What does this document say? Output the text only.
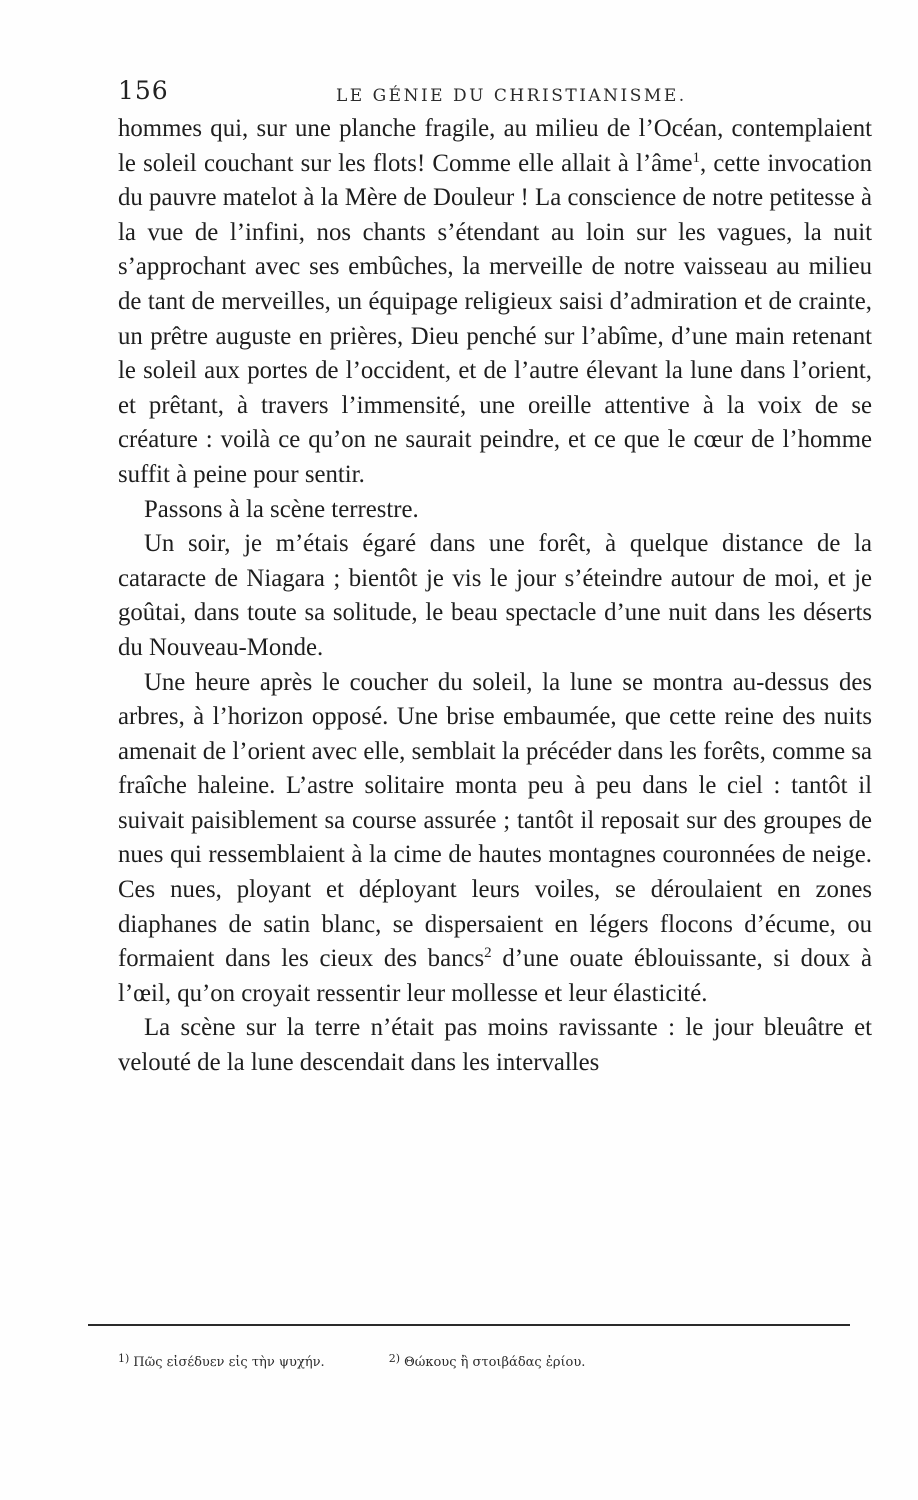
156	LE GÉNIE DU CHRISTIANISME.

hommes qui, sur une planche fragile, au milieu de l’Océan, contemplaient le soleil couchant sur les flots! Comme elle allait à l’âme$^1$, cette invocation du pauvre matelot à la Mère de Douleur ! La conscience de notre petitesse à la vue de l’infini, nos chants s’étendant au loin sur les vagues, la nuit s’approchant avec ses embûches, la merveille de notre vaisseau au milieu de tant de merveilles, un équipage religieux saisi d’admiration et de crainte, un prêtre auguste en prières, Dieu penché sur l’abîme, d’une main retenant le soleil aux portes de l’occident, et de l’autre élevant la lune dans l’orient, et prêtant, à travers l’immensité, une oreille attentive à la voix de se créature : voilà ce qu’on ne saurait peindre, et ce que le cœur de l’homme suffit à peine pour sentir.

Passons à la scène terrestre.

Un soir, je m’étais égaré dans une forêt, à quelque distance de la cataracte de Niagara ; bientôt je vis le jour s’éteindre autour de moi, et je goûtai, dans toute sa solitude, le beau spectacle d’une nuit dans les déserts du Nouveau-Monde.

Une heure après le coucher du soleil, la lune se montra au-dessus des arbres, à l’horizon opposé. Une brise embaumée, que cette reine des nuits amenait de l’orient avec elle, semblait la précéder dans les forêts, comme sa fraîche haleine. L’astre solitaire monta peu à peu dans le ciel : tantôt il suivait paisiblement sa course assurée ; tantôt il reposait sur des groupes de nues qui ressemblaient à la cime de hautes montagnes couronnées de neige. Ces nues, ployant et déployant leurs voiles, se déroulaient en zones diaphanes de satin blanc, se dispersaient en légers flocons d’écume, ou formaient dans les cieux des bancs$^2$ d’une ouate éblouissante, si doux à l’œil, qu’on croyait ressentir leur mollesse et leur élasticité.

La scène sur la terre n’était pas moins ravissante : le jour bleuâtre et velouté de la lune descendait dans les intervalles

$^{1)}$ Πῶς εἰσέδυεν εἰς τὴν ψυχήν.	$^{2)}$ Θώκους ἢ στοιβάδας ἐρίου.
